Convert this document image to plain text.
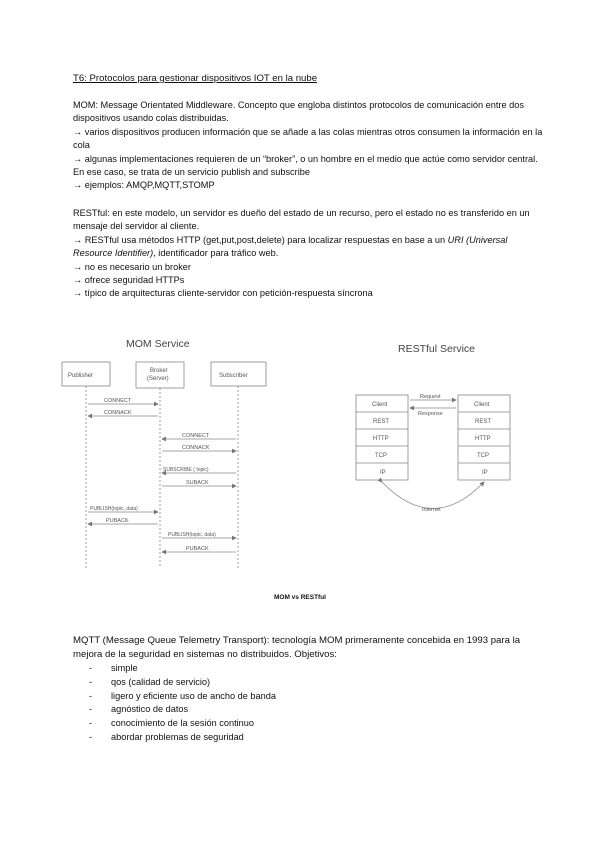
T6: Protocolos para gestionar dispositivos IOT en la nube

MOM: Message Orientated Middleware. Concepto que engloba distintos protocolos de comunicación entre dos dispositivos usando colas distribuidas.

→ varios dispositivos producen información que se añade a las colas mientras otros consumen la información en la cola

→ algunas implementaciones requieren de un “broker”, o un hombre en el medio que actúe como servidor central. En ese caso, se trata de un servicio publish and subscribe

→ ejemplos: AMQP,MQTT,STOMP

RESTful: en este modelo, un servidor es dueño del estado de un recurso, pero el estado no es transferido en un mensaje del servidor al cliente.

→ RESTful usa métodos HTTP (get,put,post,delete) para localizar respuestas en base a un URI (Universal Resource Identifier), identificador para tráfico web.

→ no es necesario un broker

→ ofrece seguridad HTTPs

→ típico de arquitecturas cliente-servidor con petición-respuesta síncrona

MOM Service	RESTful Service
Publisher
Broker
(Server)	Subscriber
CONNECT
CONNACK
CONNECT
CONNACK
SUBSCRIBE ( topic)
SUBACK
PUBLISH(topic, data)
PUBACK
PUBLISH(topic, data)
PUBACK
Client
REST
HTTP
TCP
IP
Client
REST
HTTP
TCP
IP
Request
Response
Internet
MOM vs RESTful
MQTT (Message Queue Telemetry Transport): tecnología MOM primeramente concebida en 1993 para la mejora de la seguridad en sistemas no distribuidos. Objetivos:
- simple
- qos (calidad de servicio)
- ligero y eficiente uso de ancho de banda
- agnóstico de datos
- conocimiento de la sesión continuo
- abordar problemas de seguridad
